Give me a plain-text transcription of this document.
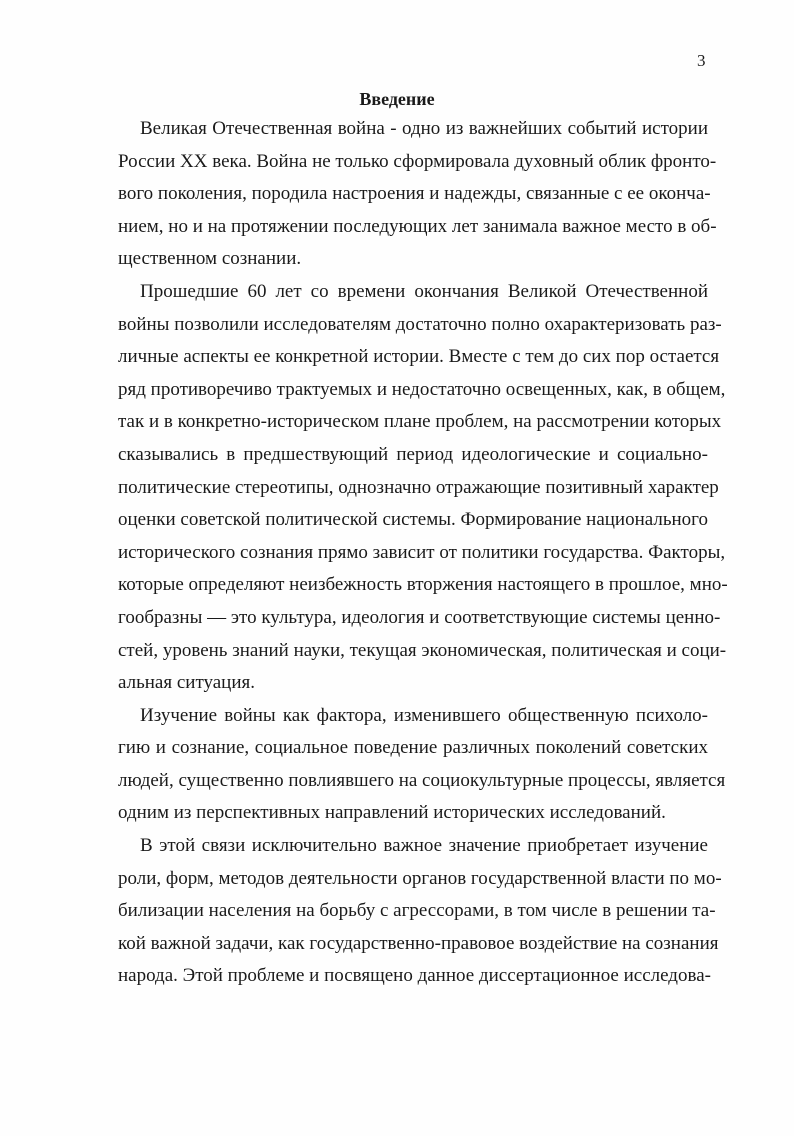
3
Введение
Великая Отечественная война - одно из важнейших событий истории
России XX века. Война не только сформировала духовный облик фронто-
вого поколения, породила настроения и надежды, связанные с ее оконча-
нием, но и на протяжении последующих лет занимала важное место в об-
щественном сознании.
Прошедшие 60 лет со времени окончания Великой Отечественной
войны позволили исследователям достаточно полно охарактеризовать раз-
личные аспекты ее конкретной истории. Вместе с тем до сих пор остается
ряд противоречиво трактуемых и недостаточно освещенных, как, в общем,
так и в конкретно-историческом плане проблем, на рассмотрении которых
сказывались в предшествующий период идеологические и социально-
политические стереотипы, однозначно отражающие позитивный характер
оценки советской политической системы. Формирование национального
исторического сознания прямо зависит от политики государства. Факторы,
которые определяют неизбежность вторжения настоящего в прошлое, мно-
гообразны — это культура, идеология и соответствующие системы ценно-
стей, уровень знаний науки, текущая экономическая, политическая и соци-
альная ситуация.
Изучение войны как фактора, изменившего общественную психоло-
гию и сознание, социальное поведение различных поколений советских
людей, существенно повлиявшего на социокультурные процессы, является
одним из перспективных направлений исторических исследований.
В этой связи исключительно важное значение приобретает изучение
роли, форм, методов деятельности органов государственной власти по мо-
билизации населения на борьбу с агрессорами, в том числе в решении та-
кой важной задачи, как государственно-правовое воздействие на сознания
народа. Этой проблеме и посвящено данное диссертационное исследова-
